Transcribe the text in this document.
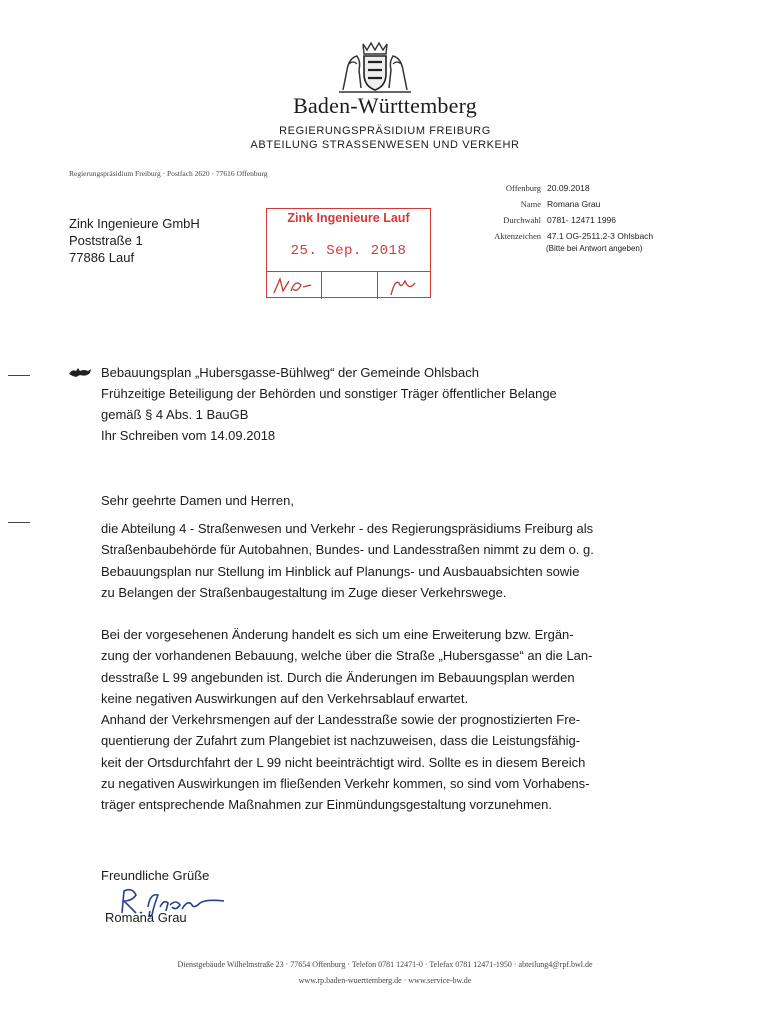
Baden-Württemberg
REGIERUNGSPRÄSIDIUM FREIBURG
ABTEILUNG STRASSENWESEN UND VERKEHR
Regierungspräsidium Freiburg · Postfach 2620 · 77616 Offenburg
Offenburg 20.09.2018
Name Romana Grau
Durchwahl 0781- 12471 1996
Aktenzeichen 47.1 OG-2511.2-3 Ohlsbach
(Bitte bei Antwort angeben)
Zink Ingenieure GmbH
Poststraße 1
77886 Lauf
Zink Ingenieure Lauf
25. Sep. 2018
Bebauungsplan „Hubersgasse-Bühlweg“ der Gemeinde Ohlsbach
Frühzeitige Beteiligung der Behörden und sonstiger Träger öffentlicher Belange
gemäß § 4 Abs. 1 BauGB
Ihr Schreiben vom 14.09.2018
Sehr geehrte Damen und Herren,
die Abteilung 4 - Straßenwesen und Verkehr - des Regierungspräsidiums Freiburg als
Straßenbaubehörde für Autobahnen, Bundes- und Landesstraßen nimmt zu dem o. g.
Bebauungsplan nur Stellung im Hinblick auf Planungs- und Ausbauabsichten sowie
zu Belangen der Straßenbaugestaltung im Zuge dieser Verkehrswege.
Bei der vorgesehenen Änderung handelt es sich um eine Erweiterung bzw. Ergän-
zung der vorhandenen Bebauung, welche über die Straße „Hubersgasse“ an die Lan-
desstraße L 99 angebunden ist. Durch die Änderungen im Bebauungsplan werden
keine negativen Auswirkungen auf den Verkehrsablauf erwartet.
Anhand der Verkehrsmengen auf der Landesstraße sowie der prognostizierten Fre-
quentierung der Zufahrt zum Plangebiet ist nachzuweisen, dass die Leistungsfähig-
keit der Ortsdurchfahrt der L 99 nicht beeinträchtigt wird. Sollte es in diesem Bereich
zu negativen Auswirkungen im fließenden Verkehr kommen, so sind vom Vorhabens-
träger entsprechende Maßnahmen zur Einmündungsgestaltung vorzunehmen.
Freundliche Grüße
Romana Grau
Dienstgebäude Wilhelmstraße 23 · 77654 Offenburg · Telefon 0781 12471-0 · Telefax 0781 12471-1950 · abteilung4@rpf.bwl.de
www.rp.baden-wuerttemberg.de · www.service-bw.de
